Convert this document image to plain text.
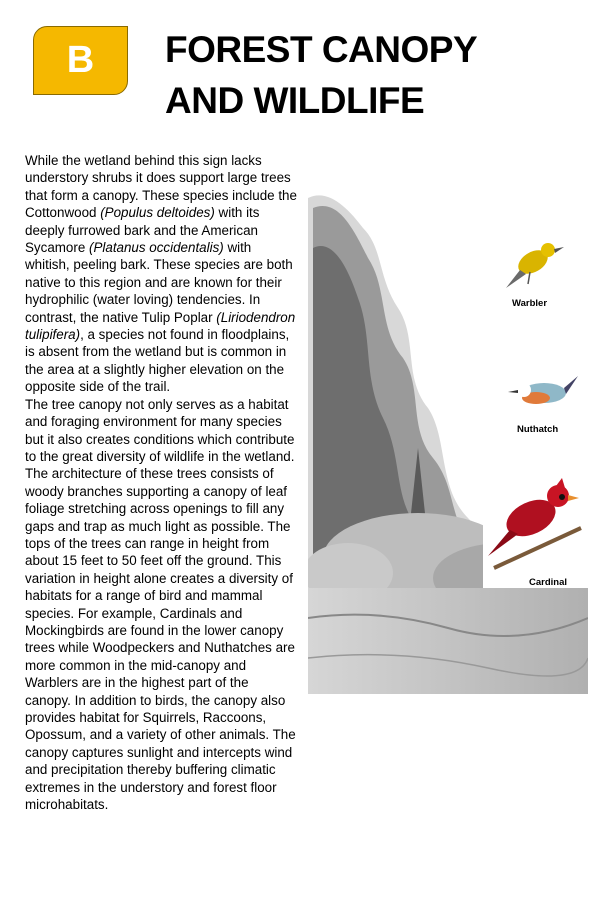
B FOREST CANOPY
AND WILDLIFE

While the wetland behind this sign lacks understory shrubs it does support large trees that form a canopy. These species include the Cottonwood (Populus deltoides) with its deeply furrowed bark and the American Sycamore (Platanus occidentalis) with whitish, peeling bark. These species are both native to this region and are known for their hydrophilic (water loving) tendencies. In contrast, the native Tulip Poplar (Liriodendron tulipifera), a species not found in floodplains, is absent from the wetland but is common in the area at a slightly higher elevation on the opposite side of the trail.

The tree canopy not only serves as a habitat and foraging environment for many species but it also creates conditions which contribute to the great diversity of wildlife in the wetland. The architecture of these trees consists of woody branches supporting a canopy of leaf foliage stretching across openings to fill any gaps and trap as much light as possible. The tops of the trees can range in height from about 15 feet to 50 feet off the ground. This variation in height alone creates a diversity of habitats for a range of bird and mammal species. For example, Cardinals and Mockingbirds are found in the lower canopy trees while Woodpeckers and Nuthatches are more common in the mid-canopy and Warblers are in the highest part of the canopy. In addition to birds, the canopy also provides habitat for Squirrels, Raccoons, Opossum, and a variety of other animals. The canopy captures sunlight and intercepts wind and precipitation thereby buffering climatic extremes in the understory and forest floor microhabitats.

Warbler
Nuthatch
Cardinal
